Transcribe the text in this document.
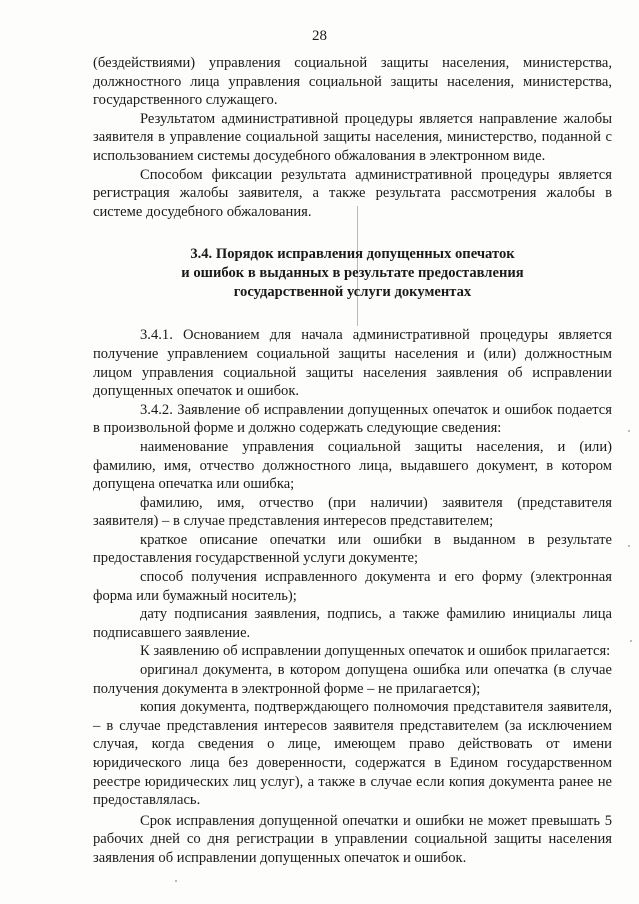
28

(бездействиями) управления социальной защиты населения, министерства, должностного лица управления социальной защиты населения, министерства, государственного служащего.

Результатом административной процедуры является направление жалобы заявителя в управление социальной защиты населения, министерство, поданной с использованием системы досудебного обжалования в электронном виде.

Способом фиксации результата административной процедуры является регистрация жалобы заявителя, а также результата рассмотрения жалобы в системе досудебного обжалования.

3.4. Порядок исправления допущенных опечаток
и ошибок в выданных в результате предоставления
государственной услуги документах

3.4.1. Основанием для начала административной процедуры является получение управлением социальной защиты населения и (или) должностным лицом управления социальной защиты населения заявления об исправлении допущенных опечаток и ошибок.

3.4.2. Заявление об исправлении допущенных опечаток и ошибок подается в произвольной форме и должно содержать следующие сведения:

наименование управления социальной защиты населения, и (или) фамилию, имя, отчество должностного лица, выдавшего документ, в котором допущена опечатка или ошибка;

фамилию, имя, отчество (при наличии) заявителя (представителя заявителя) – в случае представления интересов представителем;

краткое описание опечатки или ошибки в выданном в результате предоставления государственной услуги документе;

способ получения исправленного документа и его форму (электронная форма или бумажный носитель);

дату подписания заявления, подпись, а также фамилию инициалы лица подписавшего заявление.

К заявлению об исправлении допущенных опечаток и ошибок прилагается:

оригинал документа, в котором допущена ошибка или опечатка (в случае получения документа в электронной форме – не прилагается);

копия документа, подтверждающего полномочия представителя заявителя, – в случае представления интересов заявителя представителем (за исключением случая, когда сведения о лице, имеющем право действовать от имени юридического лица без доверенности, содержатся в Едином государственном реестре юридических лиц услуг), а также в случае если копия документа ранее не предоставлялась.

Срок исправления допущенной опечатки и ошибки не может превышать 5 рабочих дней со дня регистрации в управлении социальной защиты населения заявления об исправлении допущенных опечаток и ошибок.
